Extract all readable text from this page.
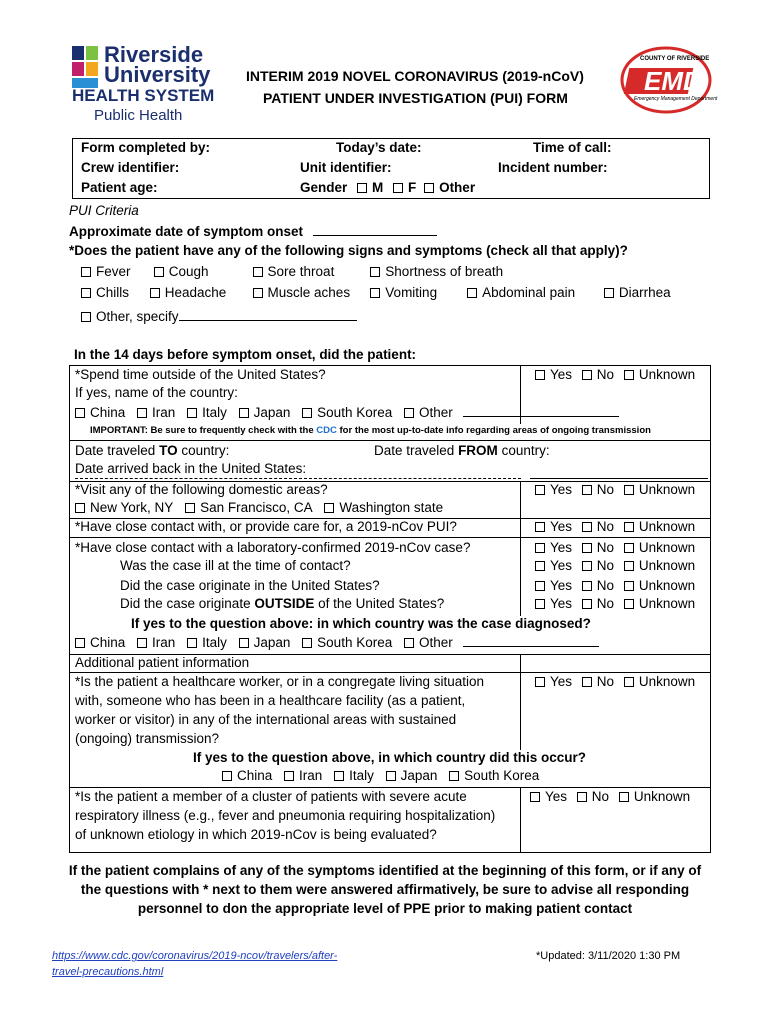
Riverside
University
HEALTH SYSTEM
Public Health
INTERIM 2019 NOVEL CORONAVIRUS (2019-nCoV)
PATIENT UNDER INVESTIGATION (PUI) FORM
COUNTY OF RIVERSIDE
EMD
Emergency Management Department
Form completed by:	Today’s date:	Time of call:
Crew identifier:	Unit identifier:	Incident number:
Patient age:	Gender M F Other
PUI Criteria
Approximate date of symptom onset
*Does the patient have any of the following signs and symptoms (check all that apply)?
Fever	Cough	Sore throat	Shortness of breath
Chills	Headache	Muscle aches	Vomiting	Abdominal pain	Diarrhea
Other, specify
In the 14 days before symptom onset, did the patient:
*Spend time outside of the United States?	Yes No Unknown
If yes, name of the country:
China Iran Italy Japan South Korea Other
IMPORTANT: Be sure to frequently check with the CDC for the most up-to-date info regarding areas of ongoing transmission
Date traveled TO country:	Date traveled FROM country:
Date arrived back in the United States:
*Visit any of the following domestic areas?	Yes No Unknown
New York, NY San Francisco, CA Washington state
*Have close contact with, or provide care for, a 2019-nCov PUI?	Yes No Unknown
*Have close contact with a laboratory-confirmed 2019-nCov case?	Yes No Unknown
Was the case ill at the time of contact?	Yes No Unknown
Did the case originate in the United States?	Yes No Unknown
Did the case originate OUTSIDE of the United States?	Yes No Unknown
If yes to the question above: in which country was the case diagnosed?
China Iran Italy Japan South Korea Other
Additional patient information
*Is the patient a healthcare worker, or in a congregate living situation
with, someone who has been in a healthcare facility (as a patient,
worker or visitor) in any of the international areas with sustained
(ongoing) transmission?
Yes No Unknown
If yes to the question above, in which country did this occur?
China Iran Italy Japan South Korea
*Is the patient a member of a cluster of patients with severe acute
respiratory illness (e.g., fever and pneumonia requiring hospitalization)
of unknown etiology in which 2019-nCov is being evaluated?
Yes No Unknown
If the patient complains of any of the symptoms identified at the beginning of this form, or if any of
the questions with * next to them were answered affirmatively, be sure to advise all responding
personnel to don the appropriate level of PPE prior to making patient contact
https://www.cdc.gov/coronavirus/2019-ncov/travelers/after-
travel-precautions.html
*Updated: 3/11/2020 1:30 PM
